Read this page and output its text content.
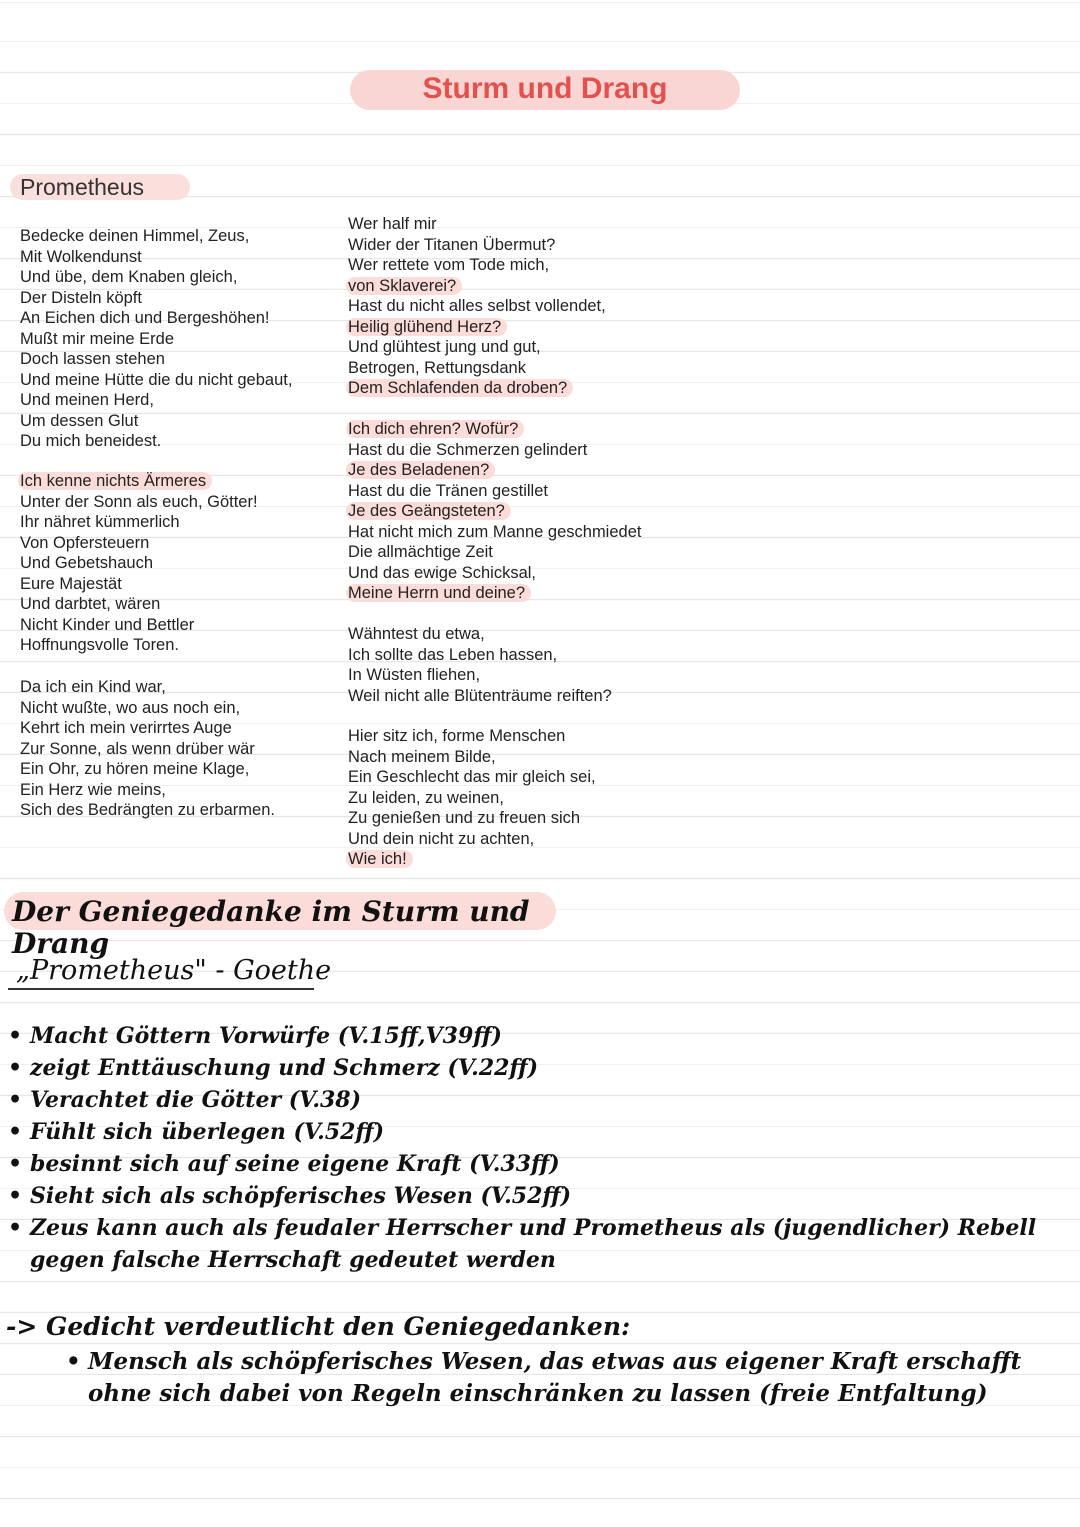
Sturm und Drang
Prometheus
Bedecke deinen Himmel, Zeus,
Mit Wolkendunst
Und übe, dem Knaben gleich,
Der Disteln köpft
An Eichen dich und Bergeshöhen!
Mußt mir meine Erde
Doch lassen stehen
Und meine Hütte die du nicht gebaut,
Und meinen Herd,
Um dessen Glut
Du mich beneidest.
Ich kenne nichts Ärmeres
Unter der Sonn als euch, Götter!
Ihr nähret kümmerlich
Von Opfersteuern
Und Gebetshauch
Eure Majestät
Und darbtet, wären
Nicht Kinder und Bettler
Hoffnungsvolle Toren.
Da ich ein Kind war,
Nicht wußte, wo aus noch ein,
Kehrt ich mein verirrtes Auge
Zur Sonne, als wenn drüber wär
Ein Ohr, zu hören meine Klage,
Ein Herz wie meins,
Sich des Bedrängten zu erbarmen.
Wer half mir
Wider der Titanen Übermut?
Wer rettete vom Tode mich,
von Sklaverei?
Hast du nicht alles selbst vollendet,
Heilig glühend Herz?
Und glühtest jung und gut,
Betrogen, Rettungsdank
Dem Schlafenden da droben?
Ich dich ehren? Wofür?
Hast du die Schmerzen gelindert
Je des Beladenen?
Hast du die Tränen gestillet
Je des Geängsteten?
Hat nicht mich zum Manne geschmiedet
Die allmächtige Zeit
Und das ewige Schicksal,
Meine Herrn und deine?
Wähntest du etwa,
Ich sollte das Leben hassen,
In Wüsten fliehen,
Weil nicht alle Blütenträume reiften?
Hier sitz ich, forme Menschen
Nach meinem Bilde,
Ein Geschlecht das mir gleich sei,
Zu leiden, zu weinen,
Zu genießen und zu freuen sich
Und dein nicht zu achten,
Wie ich!
Der Geniegedanke im Sturm und Drang
„Prometheus" - Goethe
• Macht Göttern Vorwürfe (V.15ff,V39ff)
• zeigt Enttäuschung und Schmerz (V.22ff)
• Verachtet die Götter (V.38)
• Fühlt sich überlegen (V.52ff)
• besinnt sich auf seine eigene Kraft (V.33ff)
• Sieht sich als schöpferisches Wesen (V.52ff)
• Zeus kann auch als feudaler Herrscher und Prometheus als (jugendlicher) Rebell gegen falsche Herrschaft gedeutet werden
-> Gedicht verdeutlicht den Geniegedanken:
• Mensch als schöpferisches Wesen, das etwas aus eigener Kraft erschafft ohne sich dabei von Regeln einschränken zu lassen (freie Entfaltung)
